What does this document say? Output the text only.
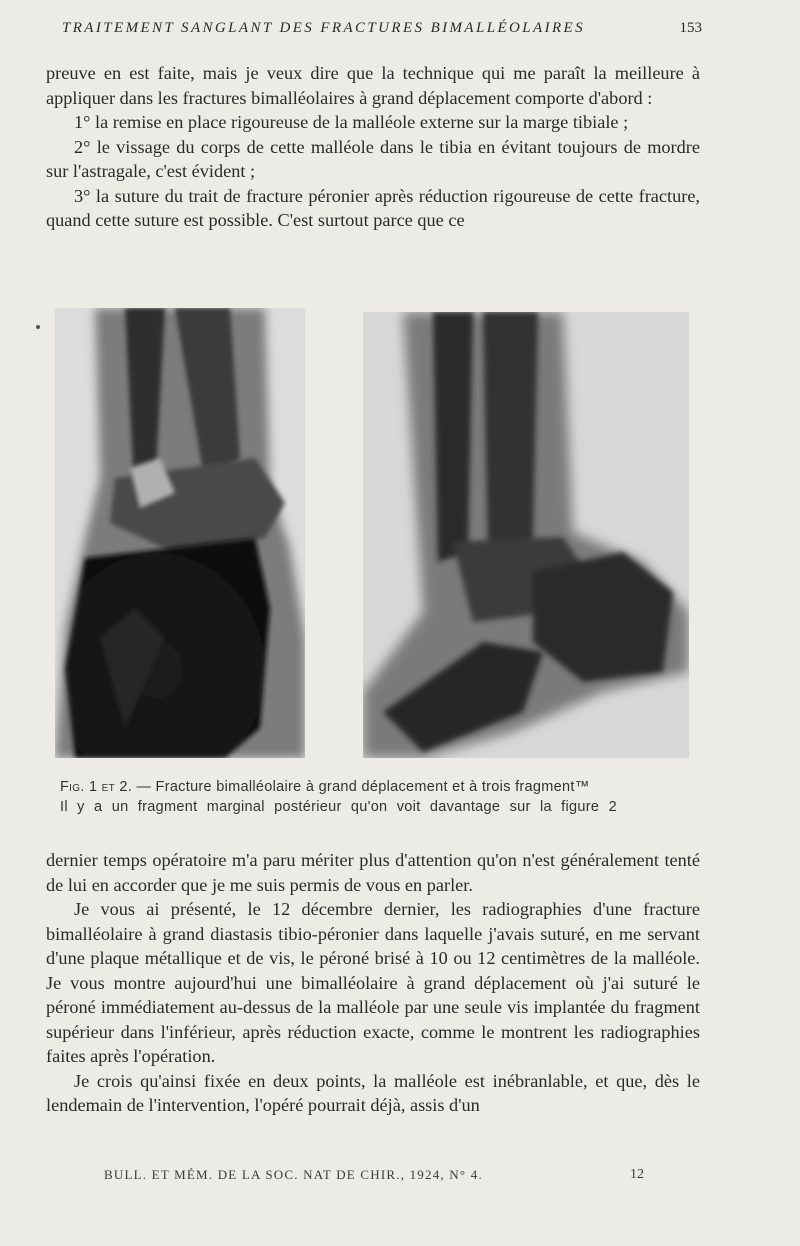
TRAITEMENT SANGLANT DES FRACTURES BIMALLÉOLAIRES	153

preuve en est faite, mais je veux dire que la technique qui me paraît la meilleure à appliquer dans les fractures bimalléolaires à grand déplacement comporte d'abord :

1° la remise en place rigoureuse de la malléole externe sur la marge tibiale ;

2° le vissage du corps de cette malléole dans le tibia en évitant toujours de mordre sur l'astragale, c'est évident ;

3° la suture du trait de fracture péronier après réduction rigoureuse de cette fracture, quand cette suture est possible. C'est surtout parce que ce

Fig. 1 et 2. — Fracture bimalléolaire à grand déplacement et à trois fragment™
Il y a un fragment marginal postérieur qu'on voit davantage sur la figure 2

dernier temps opératoire m'a paru mériter plus d'attention qu'on n'est généralement tenté de lui en accorder que je me suis permis de vous en parler.

Je vous ai présenté, le 12 décembre dernier, les radiographies d'une fracture bimalléolaire à grand diastasis tibio-péronier dans laquelle j'avais suturé, en me servant d'une plaque métallique et de vis, le péroné brisé à 10 ou 12 centimètres de la malléole. Je vous montre aujourd'hui une bimalléolaire à grand déplacement où j'ai suturé le péroné immédiatement au-dessus de la malléole par une seule vis implantée du fragment supérieur dans l'inférieur, après réduction exacte, comme le montrent les radiographies faites après l'opération.

Je crois qu'ainsi fixée en deux points, la malléole est inébranlable, et que, dès le lendemain de l'intervention, l'opéré pourrait déjà, assis d'un

BULL. ET MÉM. DE LA SOC. NAT DE CHIR., 1924, N° 4.	12
